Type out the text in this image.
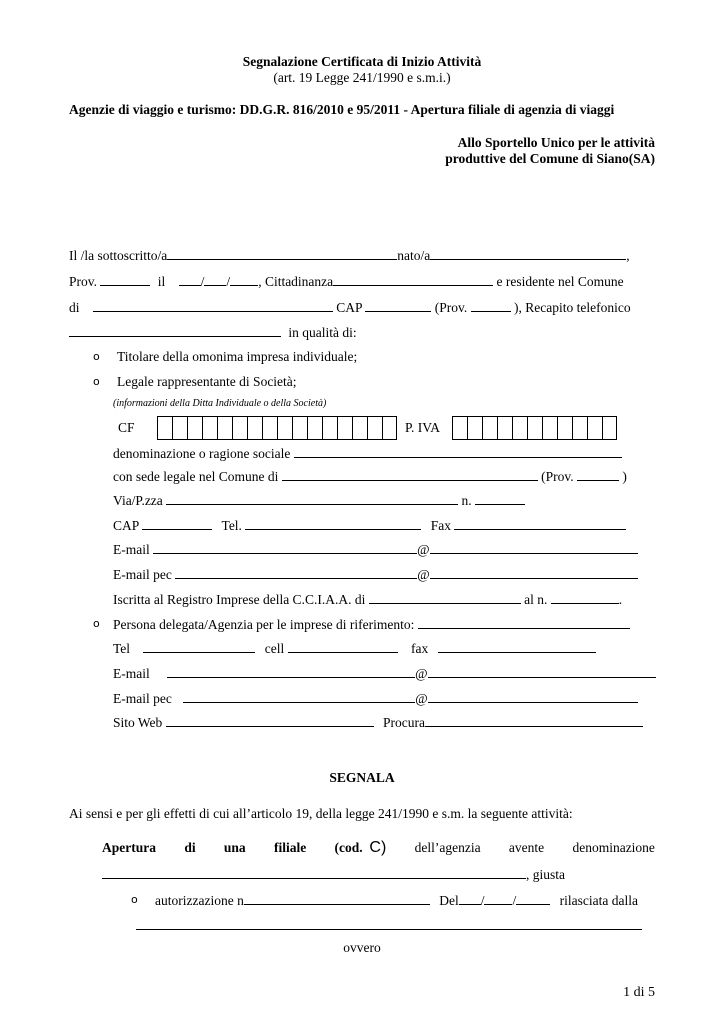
Segnalazione Certificata di Inizio Attività
(art. 19 Legge 241/1990 e s.m.i.)
Agenzie di viaggio e turismo: DD.G.R. 816/2010 e 95/2011 - Apertura filiale di agenzia di viaggi
Allo Sportello Unico per le attività
produttive del Comune di Siano(SA)
Il /la sottoscritto/a	nato/a	,
Prov.	il	/ / , Cittadinanza	e residente nel Comune
di	CAP	(Prov.	), Recapito telefonico
in qualità di:
o Titolare della omonima impresa individuale;
o Legale rappresentante di Società;
(informazioni della Ditta Individuale o della Società)
CF	P. IVA
denominazione o ragione sociale
con sede legale nel Comune di	(Prov.	)
Via/P.zza	n.
CAP	Tel.	Fax
E-mail	@
E-mail pec	@
Iscritta al Registro Imprese della C.C.I.A.A. di	al n.	.
o Persona delegata/Agenzia per le imprese di riferimento:
Tel	cell	fax
E-mail	@
E-mail pec	@
Sito Web	Procura
SEGNALA
Ai sensi e per gli effetti di cui all’articolo 19, della legge 241/1990 e s.m. la seguente attività:
Apertura di una filiale (cod. C) dell’agenzia avente denominazione
, giusta
o autorizzazione n	Del / /	rilasciata dalla
ovvero
1 di 5
